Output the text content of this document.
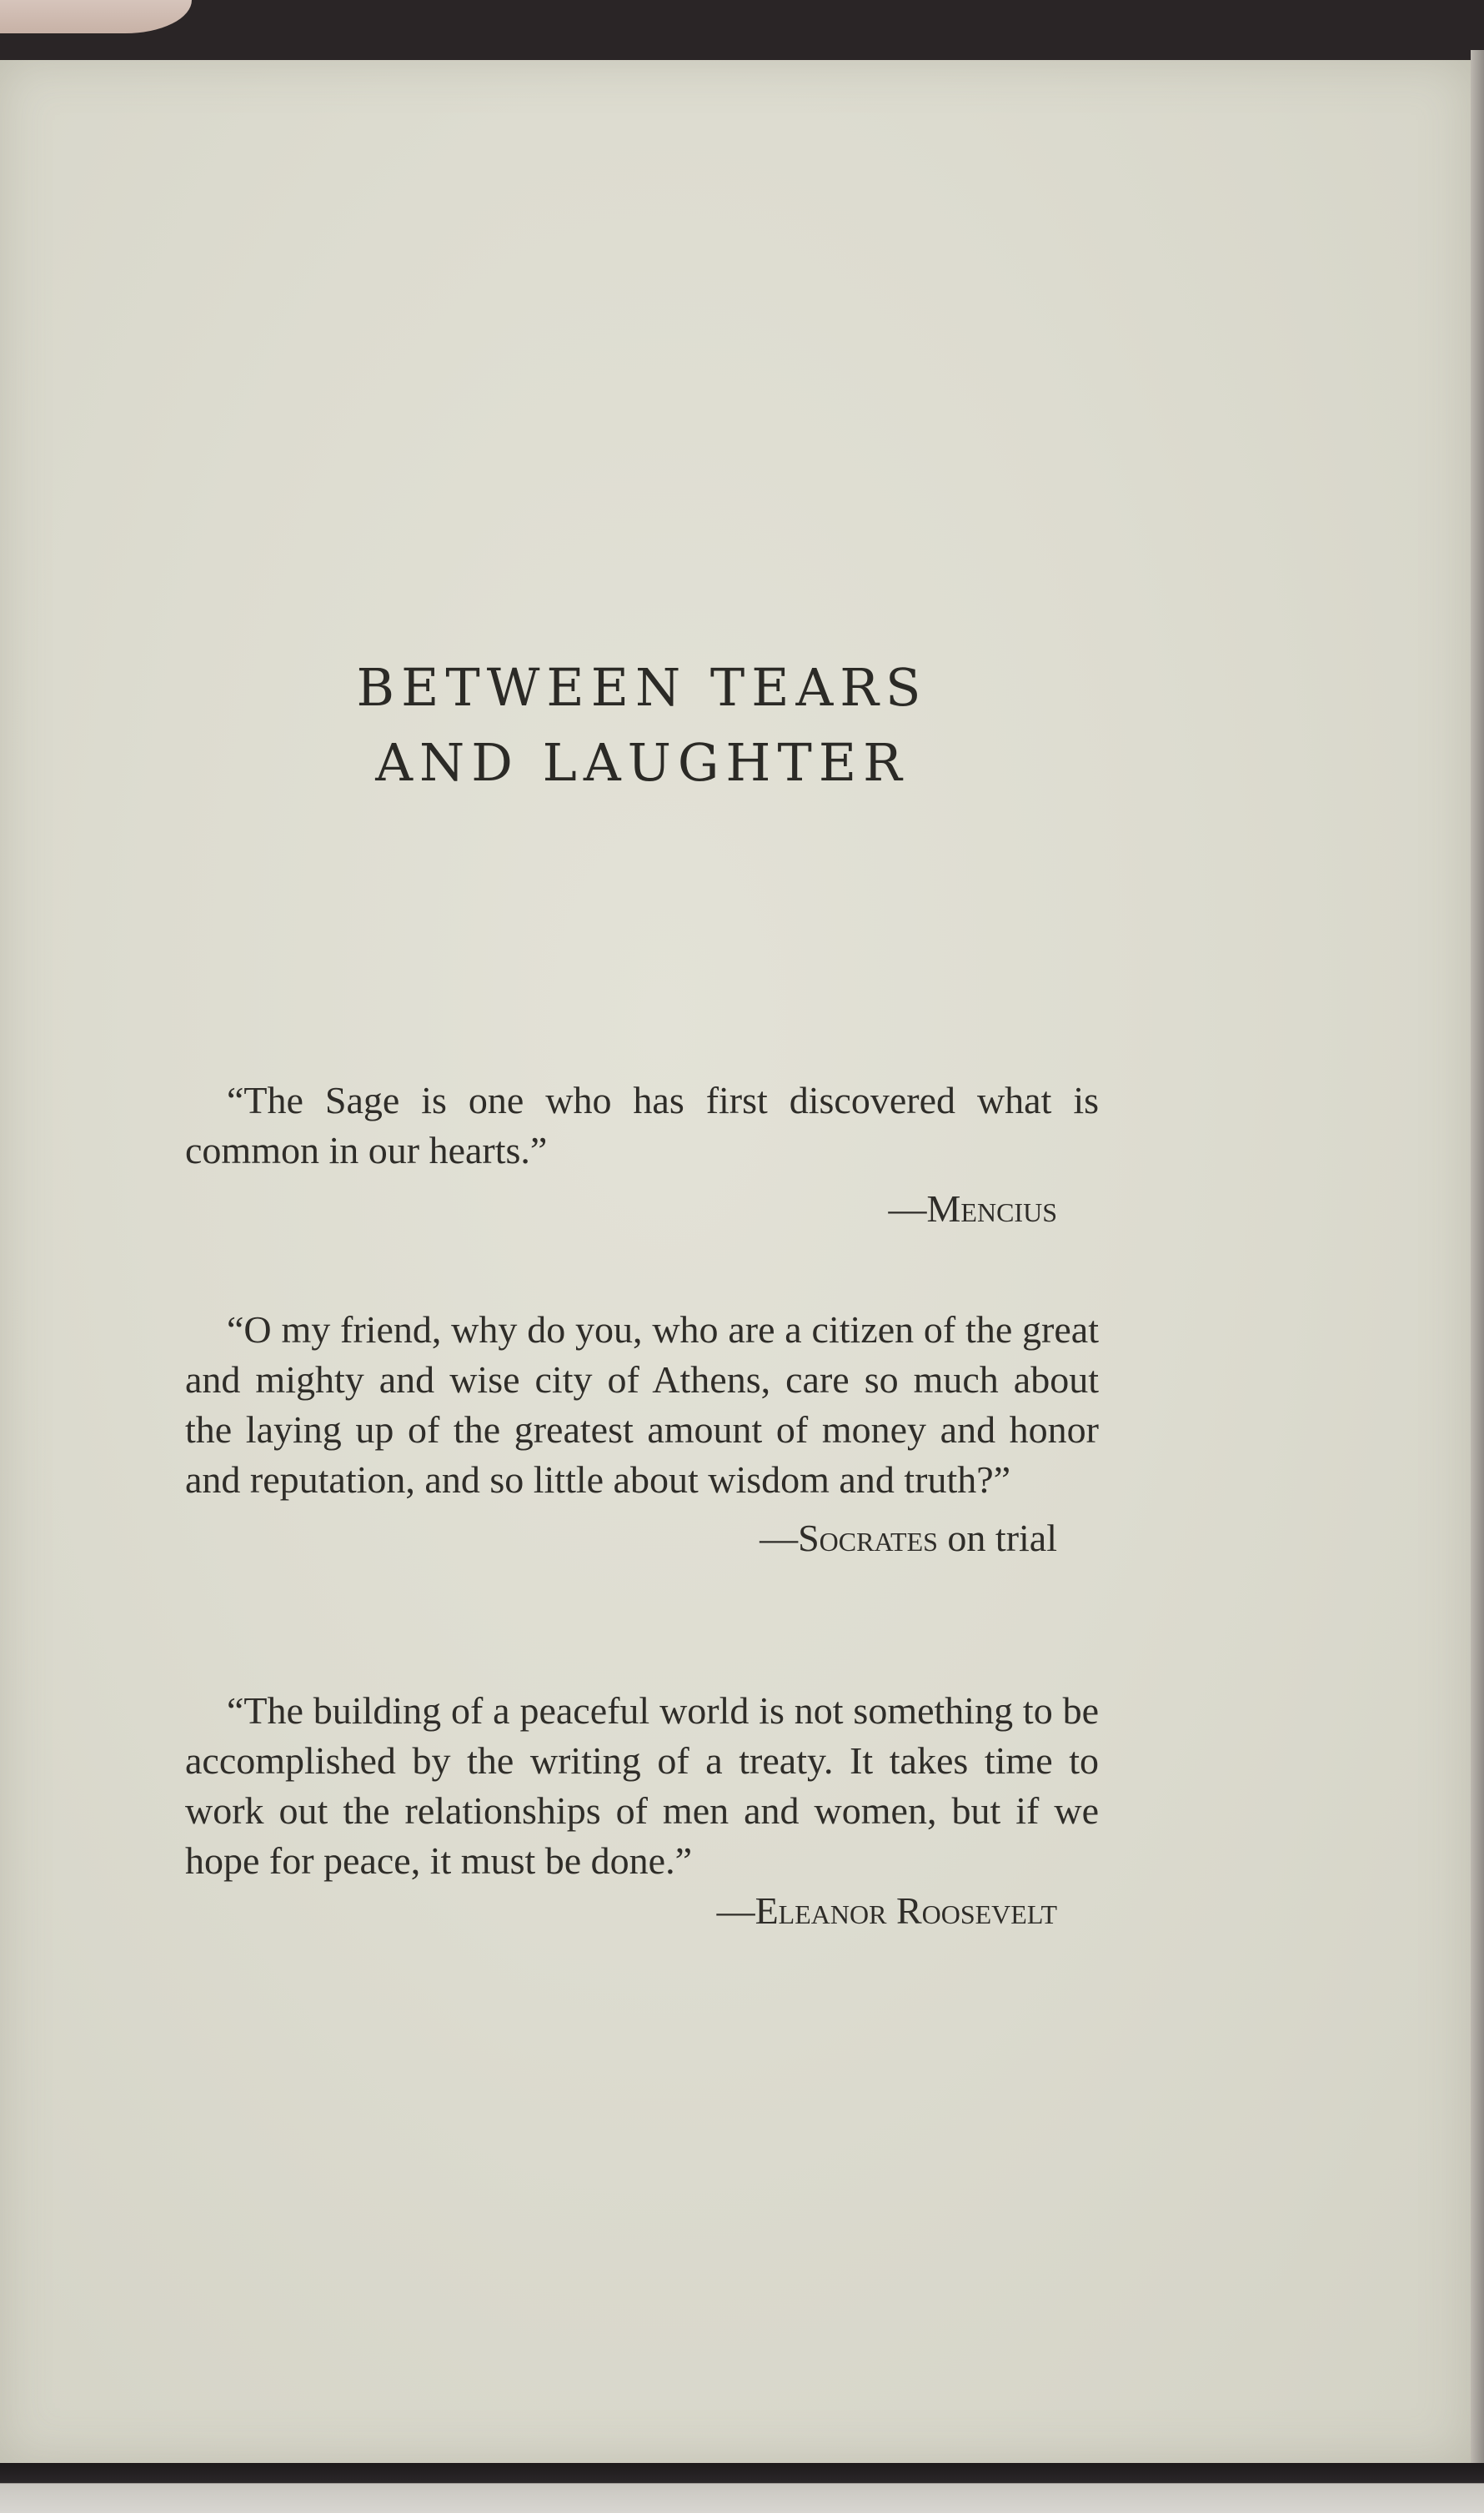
BETWEEN TEARS
AND LAUGHTER

“The Sage is one who has first discovered what is common in our hearts.”

—Mencius

“O my friend, why do you, who are a citizen of the great and mighty and wise city of Athens, care so much about the laying up of the greatest amount of money and honor and reputation, and so little about wisdom and truth?”

—Socrates on trial

“The building of a peaceful world is not something to be accomplished by the writing of a treaty. It takes time to work out the relationships of men and women, but if we hope for peace, it must be done.”

—Eleanor Roosevelt
